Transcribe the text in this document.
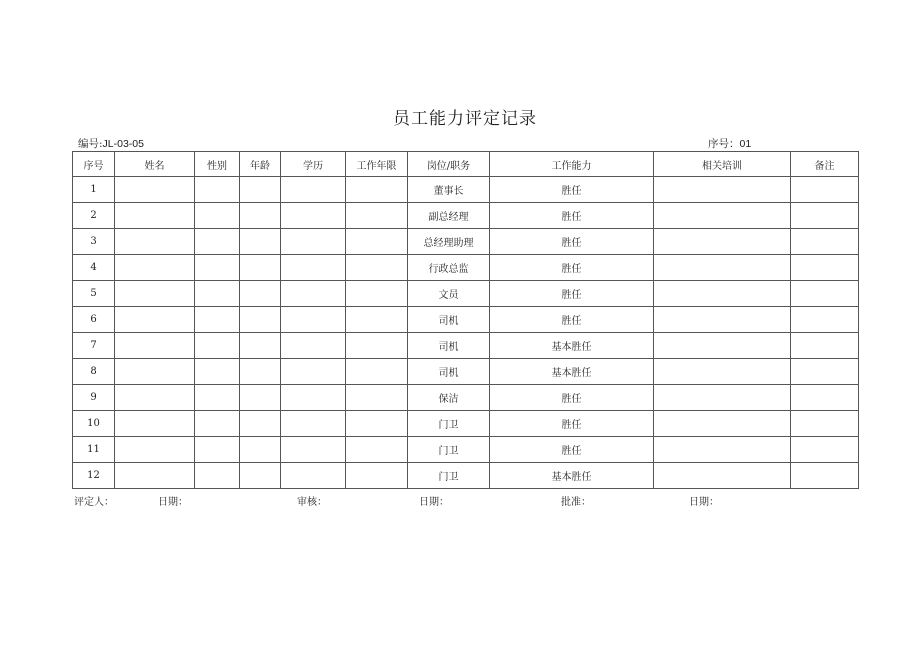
员工能力评定记录
编号:JL-03-05	序号：01
序号	姓名	性别	年龄	学历	工作年限	岗位/职务	工作能力	相关培训	备注
1						董事长	胜任		
2						副总经理	胜任		
3						总经理助理	胜任		
4						行政总监	胜任		
5						文员	胜任		
6						司机	胜任		
7						司机	基本胜任		
8						司机	基本胜任		
9						保洁	胜任		
10						门卫	胜任		
11						门卫	胜任		
12						门卫	基本胜任		
评定人：	日期：	审核：	日期：	批准：	日期：
